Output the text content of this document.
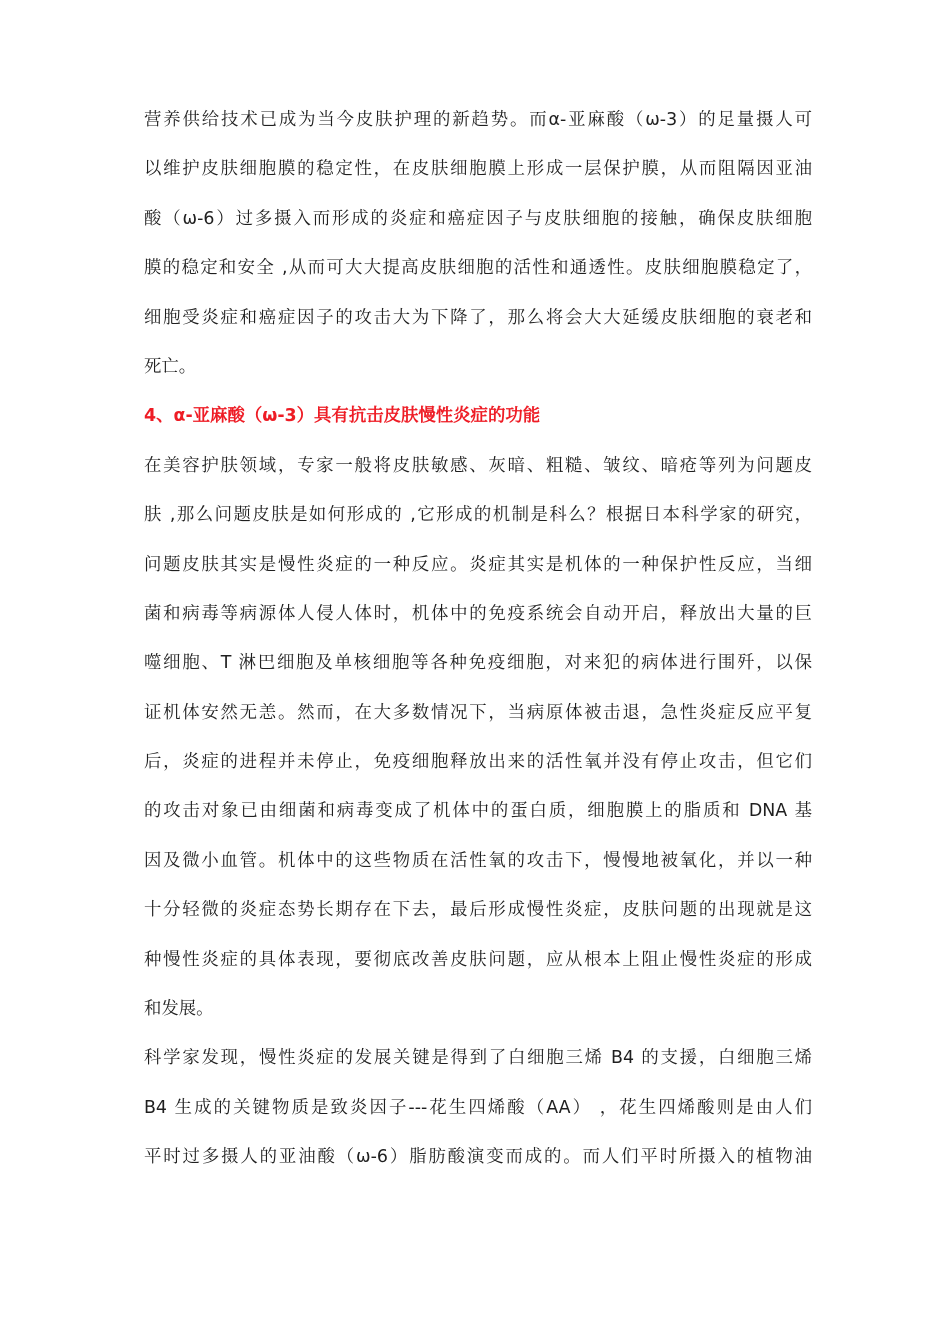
营养供给技术已成为当今皮肤护理的新趋势。而α-亚麻酸（ω-3）的足量摄人可
以维护皮肤细胞膜的稳定性，在皮肤细胞膜上形成一层保护膜，从而阻隔因亚油
酸（ω-6）过多摄入而形成的炎症和癌症因子与皮肤细胞的接触，确保皮肤细胞
膜的稳定和安全 ,从而可大大提高皮肤细胞的活性和通透性。皮肤细胞膜稳定了，
细胞受炎症和癌症因子的攻击大为下降了，那么将会大大延缓皮肤细胞的衰老和
死亡。
4、α-亚麻酸（ω-3）具有抗击皮肤慢性炎症的功能
在美容护肤领域，专家一般将皮肤敏感、灰暗、粗糙、皱纹、暗疮等列为问题皮
肤 ,那么问题皮肤是如何形成的 ,它形成的机制是科么？根据日本科学家的研究，
问题皮肤其实是慢性炎症的一种反应。炎症其实是机体的一种保护性反应，当细
菌和病毒等病源体人侵人体时，机体中的免疫系统会自动开启，释放出大量的巨
噬细胞、T 淋巴细胞及单核细胞等各种免疫细胞，对来犯的病体进行围歼，以保
证机体安然无恙。然而，在大多数情况下，当病原体被击退，急性炎症反应平复
后，炎症的进程并未停止，免疫细胞释放出来的活性氧并没有停止攻击，但它们
的攻击对象已由细菌和病毒变成了机体中的蛋白质，细胞膜上的脂质和 DNA 基
因及微小血管。机体中的这些物质在活性氧的攻击下，慢慢地被氧化，并以一种
十分轻微的炎症态势长期存在下去，最后形成慢性炎症，皮肤问题的出现就是这
种慢性炎症的具体表现，要彻底改善皮肤问题，应从根本上阻止慢性炎症的形成
和发展。
科学家发现，慢性炎症的发展关键是得到了白细胞三烯 B4 的支援，白细胞三烯
B4 生成的关键物质是致炎因子---花生四烯酸（AA） ，花生四烯酸则是由人们
平时过多摄人的亚油酸（ω-6）脂肪酸演变而成的。而人们平时所摄入的植物油
